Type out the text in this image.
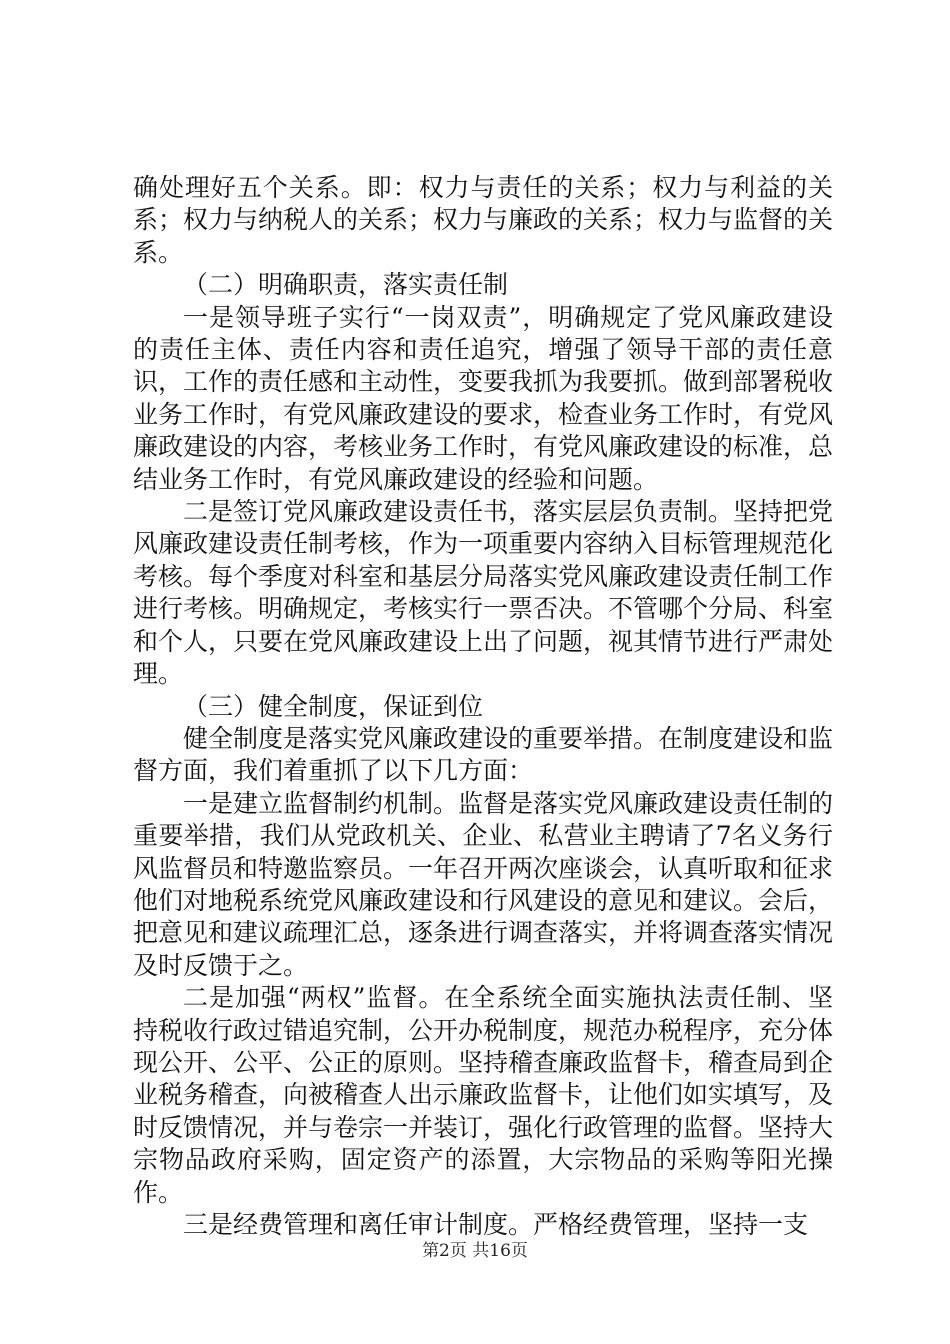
确处理好五个关系。即：权力与责任的关系；权力与利益的关系；权力与纳税人的关系；权力与廉政的关系；权力与监督的关系。

（二）明确职责，落实责任制

一是领导班子实行“一岗双责”，明确规定了党风廉政建设的责任主体、责任内容和责任追究，增强了领导干部的责任意识，工作的责任感和主动性，变要我抓为我要抓。做到部署税收业务工作时，有党风廉政建设的要求，检查业务工作时，有党风廉政建设的内容，考核业务工作时，有党风廉政建设的标准，总结业务工作时，有党风廉政建设的经验和问题。

二是签订党风廉政建设责任书，落实层层负责制。坚持把党风廉政建设责任制考核，作为一项重要内容纳入目标管理规范化考核。每个季度对科室和基层分局落实党风廉政建设责任制工作进行考核。明确规定，考核实行一票否决。不管哪个分局、科室和个人，只要在党风廉政建设上出了问题，视其情节进行严肃处理。

（三）健全制度，保证到位

健全制度是落实党风廉政建设的重要举措。在制度建设和监督方面，我们着重抓了以下几方面：

一是建立监督制约机制。监督是落实党风廉政建设责任制的重要举措，我们从党政机关、企业、私营业主聘请了7名义务行风监督员和特邀监察员。一年召开两次座谈会，认真听取和征求他们对地税系统党风廉政建设和行风建设的意见和建议。会后，把意见和建议疏理汇总，逐条进行调查落实，并将调查落实情况及时反馈于之。

二是加强“两权”监督。在全系统全面实施执法责任制、坚持税收行政过错追究制，公开办税制度，规范办税程序，充分体现公开、公平、公正的原则。坚持稽查廉政监督卡，稽查局到企业税务稽查，向被稽查人出示廉政监督卡，让他们如实填写，及时反馈情况，并与卷宗一并装订，强化行政管理的监督。坚持大宗物品政府采购，固定资产的添置，大宗物品的采购等阳光操作。

三是经费管理和离任审计制度。严格经费管理，坚持一支

第2页 共16页
